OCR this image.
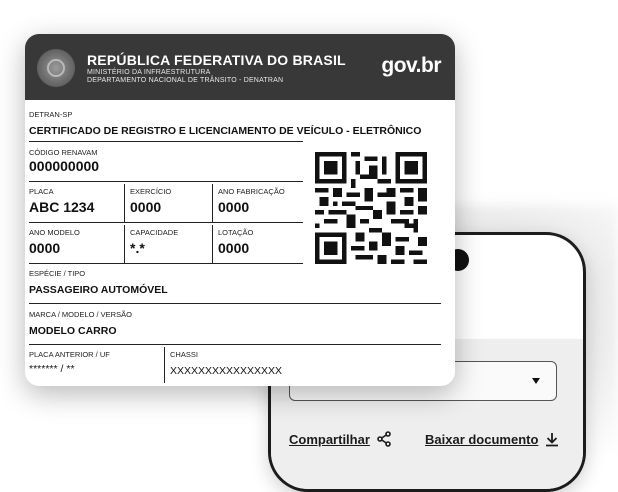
Compartilhar	Baixar documento
REPÚBLICA FEDERATIVA DO BRASIL
MINISTÉRIO DA INFRAESTRUTURA
DEPARTAMENTO NACIONAL DE TRÂNSITO - DENATRAN
gov.br
DETRAN-SP
CERTIFICADO DE REGISTRO E LICENCIAMENTO DE VEÍCULO - ELETRÔNICO
CÓDIGO RENAVAM
000000000
PLACA
ABC 1234
EXERCÍCIO
0000
ANO FABRICAÇÃO
0000
ANO MODELO
0000
CAPACIDADE
*.*
LOTAÇÃO
0000
ESPÉCIE / TIPO
PASSAGEIRO AUTOMÓVEL
MARCA / MODELO / VERSÃO
MODELO CARRO
PLACA ANTERIOR / UF
******* / **
CHASSI
XXXXXXXXXXXXXXXX
